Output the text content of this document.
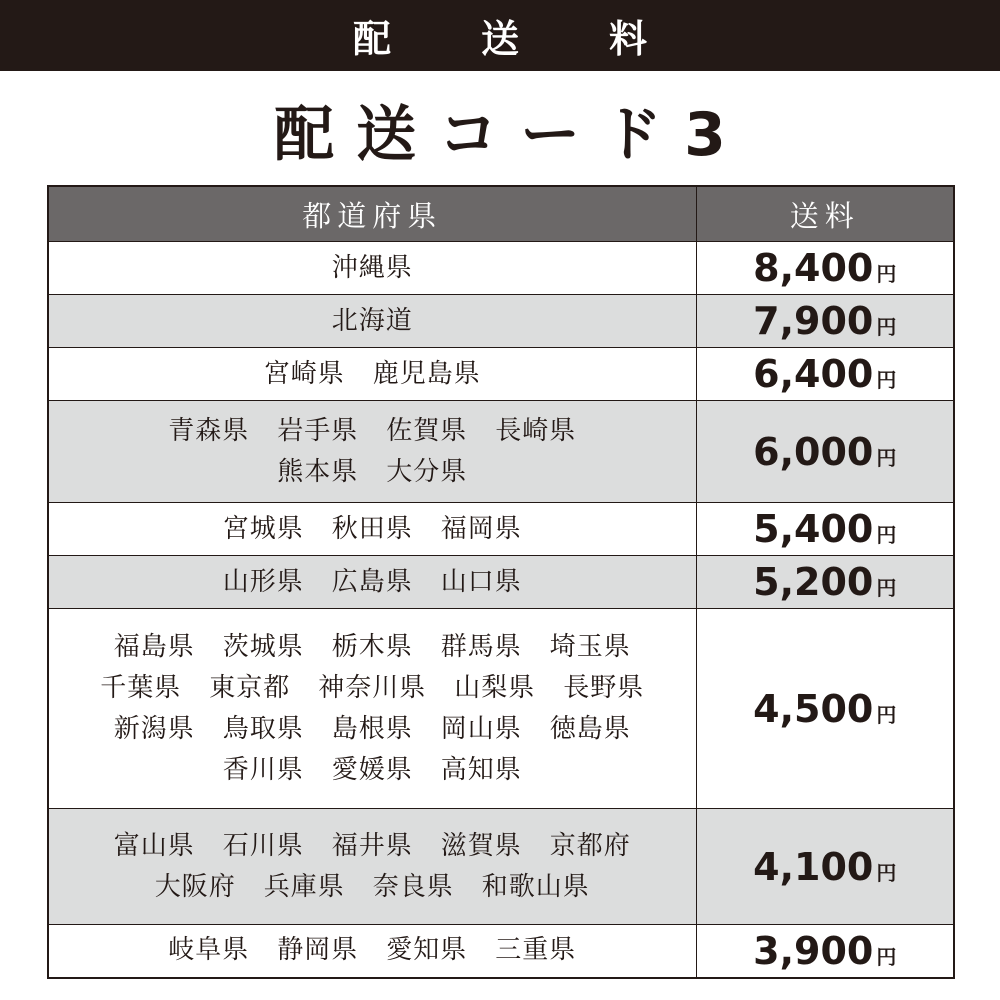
配　送　料
配送コード3
都道府県	送料

沖縄県	8,400 円

北海道	7,900 円

宮崎県 鹿児島県	6,400 円

青森県 岩手県 佐賀県 長崎県
熊本県 大分県	6,000 円

宮城県 秋田県 福岡県	5,400 円

山形県 広島県 山口県	5,200 円

福島県 茨城県 栃木県 群馬県 埼玉県
千葉県 東京都 神奈川県 山梨県 長野県
新潟県 鳥取県 島根県 岡山県 徳島県
香川県 愛媛県 高知県	4,500 円

富山県 石川県 福井県 滋賀県 京都府
大阪府 兵庫県 奈良県 和歌山県	4,100 円

岐阜県 静岡県 愛知県 三重県	3,900 円
